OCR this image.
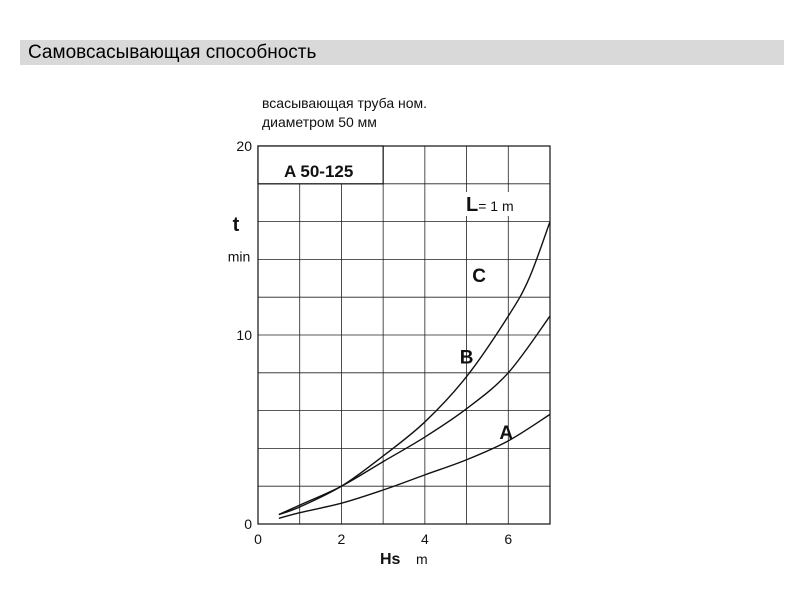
Самовсасывающая способность
всасывающая труба ном.
диаметром 50 мм
A 50-125
L= 1 m
A
B
C
0	2	4	6
0
10
20
t
min
Hs m
